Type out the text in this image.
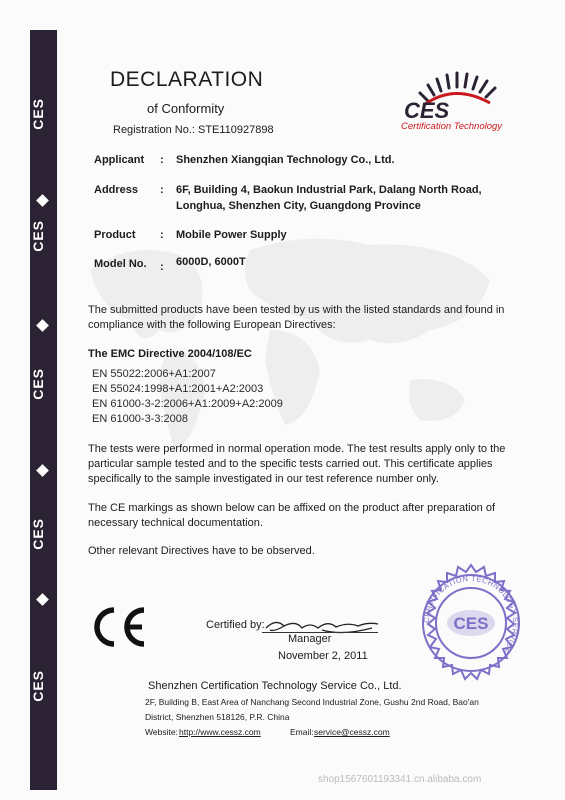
CES
CES
CES
CES
CES
CES
Certification Technology
DECLARATION
of Conformity
Registration No.: STE110927898
Applicant : Shenzhen Xiangqian Technology Co., Ltd.
Address : 6F, Building 4, Baokun Industrial Park, Dalang North Road,
Longhua, Shenzhen City, Guangdong Province
Product : Mobile Power Supply
Model No. : 6000D, 6000T
The submitted products have been tested by us with the listed standards and found in compliance with the following European Directives:
The EMC Directive 2004/108/EC
EN 55022:2006+A1:2007
EN 55024:1998+A1:2001+A2:2003
EN 61000-3-2:2006+A1:2009+A2:2009
EN 61000-3-3:2008
The tests were performed in normal operation mode. The test results apply only to the particular sample tested and to the specific tests carried out. This certificate applies specifically to the sample investigated in our test reference number only.
The CE markings as shown below can be affixed on the product after preparation of necessary technical documentation.
Other relevant Directives have to be observed.
Certified by:
Manager
November 2, 2011
CERTIFICATION TECHNOLOGY SERVICE
CES
Shenzhen Certification Technology Service Co., Ltd.
2F, Building B, East Area of Nanchang Second Industrial Zone, Gushu 2nd Road, Bao'an
District, Shenzhen 518126, P.R. China
Website: http://www.cessz.com	Email: service@cessz.com
shop1567601193341.cn.alibaba.com
